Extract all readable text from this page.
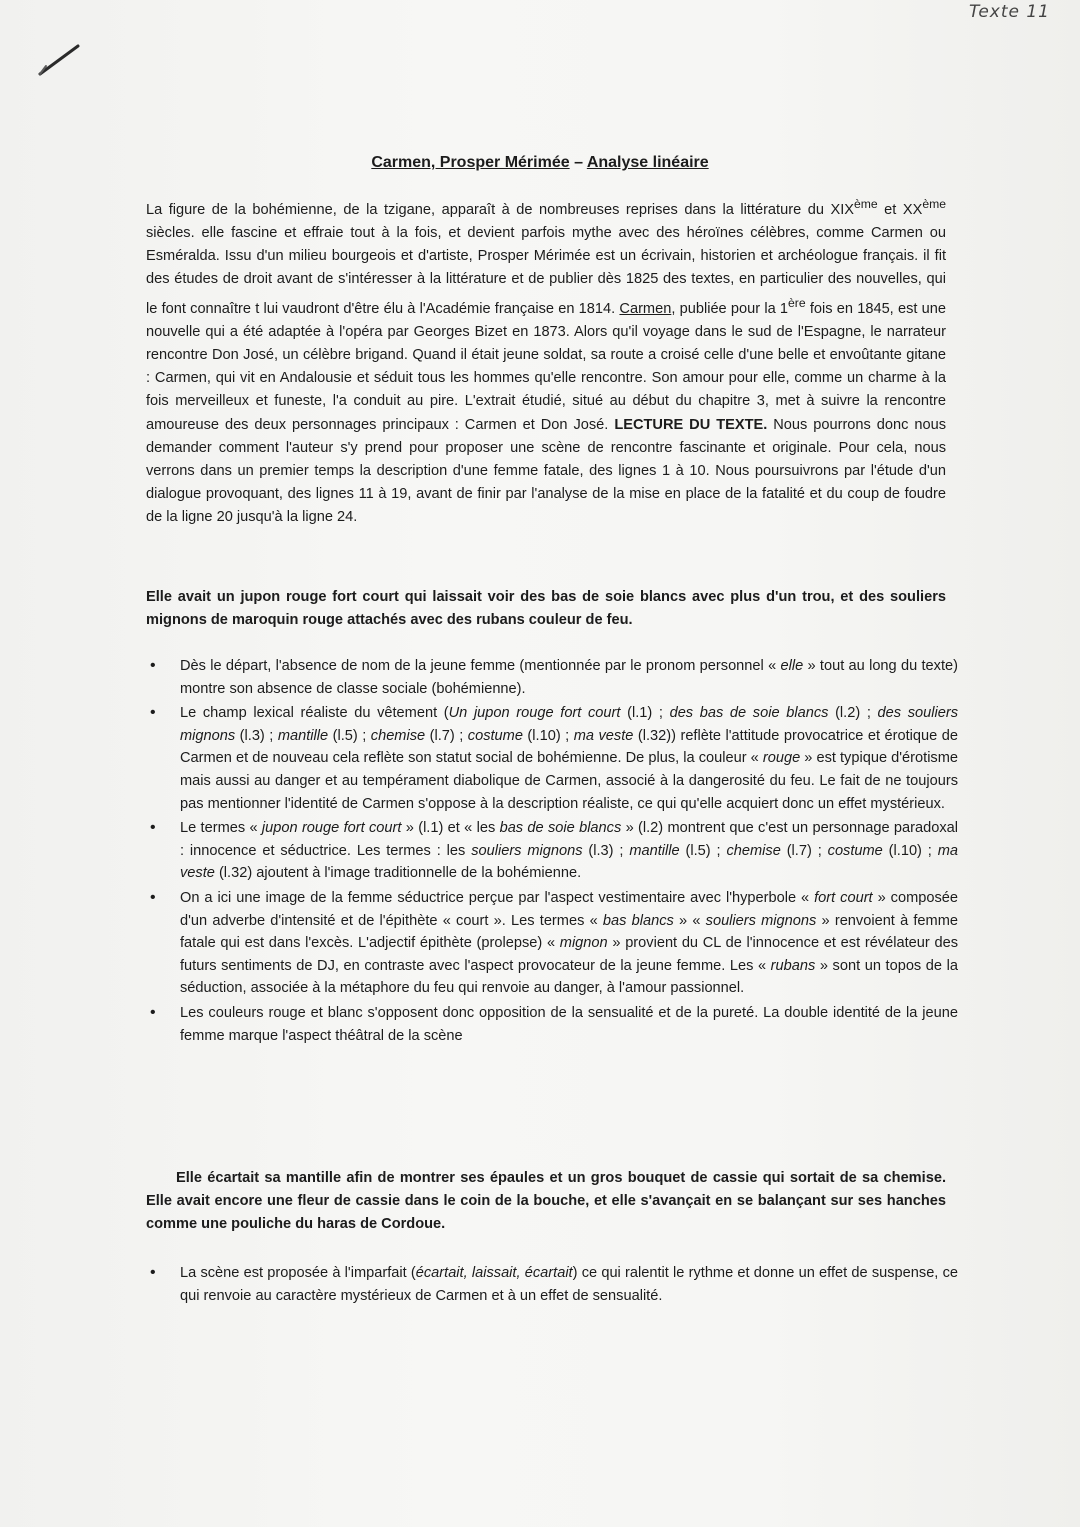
Texte 11
Carmen, Prosper Mérimée – Analyse linéaire
La figure de la bohémienne, de la tzigane, apparaît à de nombreuses reprises dans la littérature du XIXème et XXème siècles. elle fascine et effraie tout à la fois, et devient parfois mythe avec des héroïnes célèbres, comme Carmen ou Esméralda. Issu d'un milieu bourgeois et d'artiste, Prosper Mérimée est un écrivain, historien et archéologue français. il fit des études de droit avant de s'intéresser à la littérature et de publier dès 1825 des textes, en particulier des nouvelles, qui le font connaître t lui vaudront d'être élu à l'Académie française en 1814. Carmen, publiée pour la 1ère fois en 1845, est une nouvelle qui a été adaptée à l'opéra par Georges Bizet en 1873. Alors qu'il voyage dans le sud de l'Espagne, le narrateur rencontre Don José, un célèbre brigand. Quand il était jeune soldat, sa route a croisé celle d'une belle et envoûtante gitane : Carmen, qui vit en Andalousie et séduit tous les hommes qu'elle rencontre. Son amour pour elle, comme un charme à la fois merveilleux et funeste, l'a conduit au pire. L'extrait étudié, situé au début du chapitre 3, met à suivre la rencontre amoureuse des deux personnages principaux : Carmen et Don José. LECTURE DU TEXTE. Nous pourrons donc nous demander comment l'auteur s'y prend pour proposer une scène de rencontre fascinante et originale. Pour cela, nous verrons dans un premier temps la description d'une femme fatale, des lignes 1 à 10. Nous poursuivrons par l'étude d'un dialogue provoquant, des lignes 11 à 19, avant de finir par l'analyse de la mise en place de la fatalité et du coup de foudre de la ligne 20 jusqu'à la ligne 24.
Elle avait un jupon rouge fort court qui laissait voir des bas de soie blancs avec plus d'un trou, et des souliers mignons de maroquin rouge attachés avec des rubans couleur de feu.
• Dès le départ, l'absence de nom de la jeune femme (mentionnée par le pronom personnel « elle » tout au long du texte) montre son absence de classe sociale (bohémienne).
• Le champ lexical réaliste du vêtement (Un jupon rouge fort court (l.1) ; des bas de soie blancs (l.2) ; des souliers mignons (l.3) ; mantille (l.5) ; chemise (l.7) ; costume (l.10) ; ma veste (l.32)) reflète l'attitude provocatrice et érotique de Carmen et de nouveau cela reflète son statut social de bohémienne. De plus, la couleur « rouge » est typique d'érotisme mais aussi au danger et au tempérament diabolique de Carmen, associé à la dangerosité du feu. Le fait de ne toujours pas mentionner l'identité de Carmen s'oppose à la description réaliste, ce qui qu'elle acquiert donc un effet mystérieux.
• Le termes « jupon rouge fort court » (l.1) et « les bas de soie blancs » (l.2) montrent que c'est un personnage paradoxal : innocence et séductrice. Les termes : les souliers mignons (l.3) ; mantille (l.5) ; chemise (l.7) ; costume (l.10) ; ma veste (l.32) ajoutent à l'image traditionnelle de la bohémienne.
• On a ici une image de la femme séductrice perçue par l'aspect vestimentaire avec l'hyperbole « fort court » composée d'un adverbe d'intensité et de l'épithète « court ». Les termes « bas blancs » « souliers mignons » renvoient à femme fatale qui est dans l'excès. L'adjectif épithète (prolepse) « mignon » provient du CL de l'innocence et est révélateur des futurs sentiments de DJ, en contraste avec l'aspect provocateur de la jeune femme. Les « rubans » sont un topos de la séduction, associée à la métaphore du feu qui renvoie au danger, à l'amour passionnel.
• Les couleurs rouge et blanc s'opposent donc opposition de la sensualité et de la pureté. La double identité de la jeune femme marque l'aspect théâtral de la scène
Elle écartait sa mantille afin de montrer ses épaules et un gros bouquet de cassie qui sortait de sa chemise. Elle avait encore une fleur de cassie dans le coin de la bouche, et elle s'avançait en se balançant sur ses hanches comme une pouliche du haras de Cordoue.
• La scène est proposée à l'imparfait (écartait, laissait, écartait) ce qui ralentit le rythme et donne un effet de suspense, ce qui renvoie au caractère mystérieux de Carmen et à un effet de sensualité.
